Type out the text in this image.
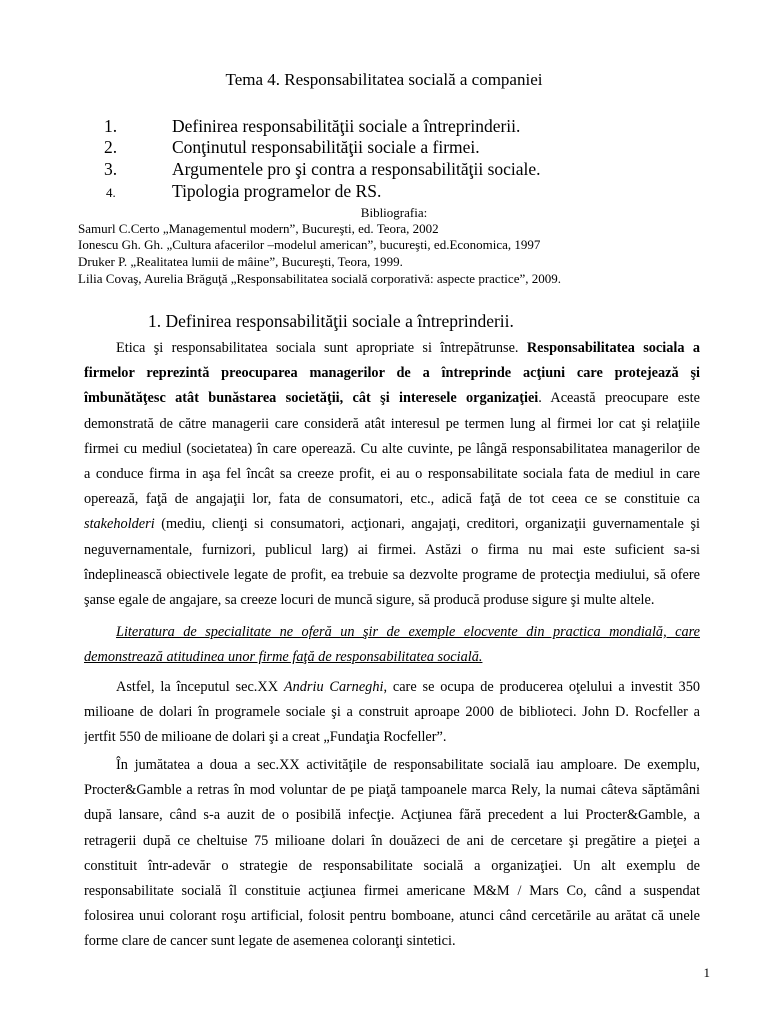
Tema 4. Responsabilitatea socială a companiei
1.	Definirea responsabilităţii sociale a întreprinderii.
2.	Conţinutul responsabilităţii sociale a firmei.
3.	Argumentele pro şi contra a responsabilităţii sociale.
4.	Tipologia programelor de RS.
Bibliografia:
Samurl C.Certo „Managementul modern”, Bucureşti, ed. Teora, 2002
Ionescu Gh. Gh. „Cultura afacerilor –modelul american”, bucureşti, ed.Economica, 1997
Druker P. „Realitatea lumii de mâine”, Bucureşti, Teora, 1999.
Lilia Covaş, Aurelia Brăguţă „Responsabilitatea socială corporativă: aspecte practice”, 2009.
1. Definirea responsabilităţii sociale a întreprinderii.
Etica şi responsabilitatea sociala sunt apropriate si întrepătrunse. Responsabilitatea sociala a
firmelor reprezintă preocuparea managerilor de a întreprinde acţiuni care protejează şi
îmbunătăţesc atât bunăstarea societăţii, cât şi interesele organizaţiei. Această preocupare este
demonstrată de către managerii care consideră atât interesul pe termen lung al firmei lor cat şi relaţiile
firmei cu mediul (societatea) în care operează. Cu alte cuvinte, pe lângă responsabilitatea managerilor de
a conduce firma in aşa fel încât sa creeze profit, ei au o responsabilitate sociala fata de mediul in care
operează, faţă de angajaţii lor, fata de consumatori, etc., adică faţă de tot ceea ce se constituie ca
stakeholderi (mediu, clienţi si consumatori, acţionari, angajaţi, creditori, organizaţii guvernamentale şi
neguvernamentale, furnizori, publicul larg) ai firmei. Astăzi o firma nu mai este suficient sa-si
îndeplinească obiectivele legate de profit, ea trebuie sa dezvolte programe de protecţia mediului, să ofere
şanse egale de angajare, sa creeze locuri de muncă sigure, să producă produse sigure şi multe altele.
Literatura de specialitate ne oferă un şir de exemple elocvente din practica mondială, care
demonstrează atitudinea unor firme faţă de responsabilitatea socială.
Astfel, la începutul sec.XX Andriu Carneghi, care se ocupa de producerea oţelului a investit 350
milioane de dolari în programele sociale şi a construit aproape 2000 de biblioteci. John D. Rocfeller a
jertfit 550 de milioane de dolari şi a creat „Fundaţia Rocfeller”.
În jumătatea a doua a sec.XX activităţile de responsabilitate socială iau amploare. De exemplu,
Procter&Gamble a retras în mod voluntar de pe piaţă tampoanele marca Rely, la numai câteva săptămâni
după lansare, când s-a auzit de o posibilă infecţie. Acţiunea fără precedent a lui Procter&Gamble, a
retragerii după ce cheltuise 75 milioane dolari în douăzeci de ani de cercetare şi pregătire a pieţei a
constituit într-adevăr o strategie de responsabilitate socială a organizaţiei. Un alt exemplu de
responsabilitate socială îl constituie acţiunea firmei americane M&M / Mars Co, când a suspendat
folosirea unui colorant roşu artificial, folosit pentru bomboane, atunci când cercetările au arătat că unele
forme clare de cancer sunt legate de asemenea coloranţi sintetici.
1
